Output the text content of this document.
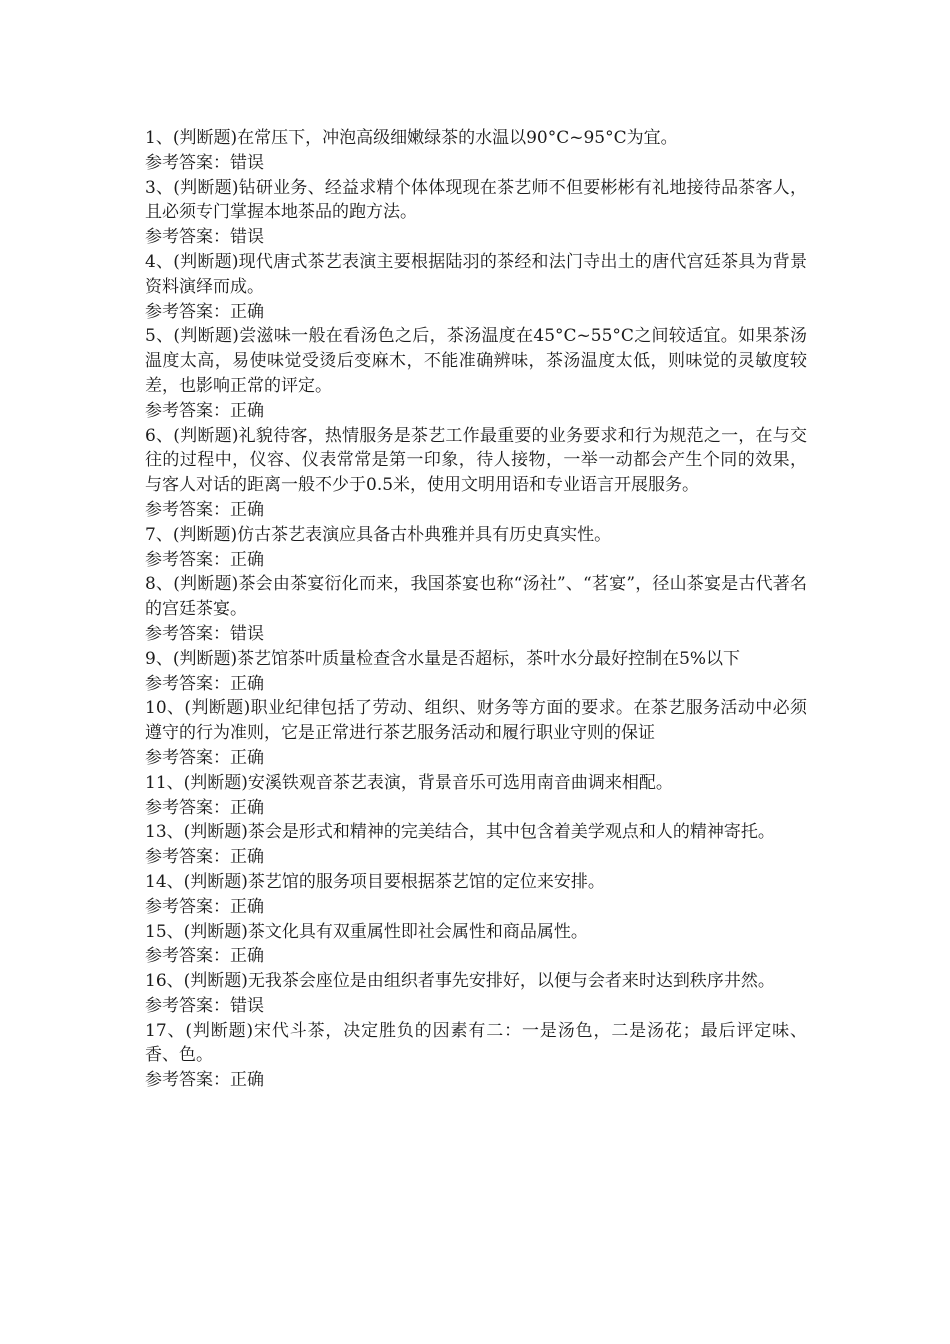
1、(判断题)在常压下，冲泡高级细嫩绿茶的水温以90°C~95°C为宜。

参考答案：错误

3、(判断题)钻研业务、经益求精个体体现现在茶艺师不但要彬彬有礼地接待品茶客人，且必须专门掌握本地茶品的跑方法。

参考答案：错误

4、(判断题)现代唐式茶艺表演主要根据陆羽的茶经和法门寺出土的唐代宫廷茶具为背景资料演绎而成。

参考答案：正确

5、(判断题)尝滋味一般在看汤色之后，茶汤温度在45°C~55°C之间较适宜。如果茶汤温度太高，易使味觉受烫后变麻木，不能准确辨味，茶汤温度太低，则味觉的灵敏度较差，也影响正常的评定。

参考答案：正确

6、(判断题)礼貌待客，热情服务是茶艺工作最重要的业务要求和行为规范之一，在与交往的过程中，仪容、仪表常常是第一印象，待人接物，一举一动都会产生个同的效果，与客人对话的距离一般不少于0.5米，使用文明用语和专业语言开展服务。

参考答案：正确

7、(判断题)仿古茶艺表演应具备古朴典雅并具有历史真实性。

参考答案：正确

8、(判断题)茶会由茶宴衍化而来，我国茶宴也称“汤社”、“茗宴”，径山茶宴是古代著名的宫廷茶宴。

参考答案：错误

9、(判断题)茶艺馆茶叶质量检查含水量是否超标，茶叶水分最好控制在5%以下

参考答案：正确

10、(判断题)职业纪律包括了劳动、组织、财务等方面的要求。在茶艺服务活动中必须遵守的行为准则，它是正常进行茶艺服务活动和履行职业守则的保证

参考答案：正确

11、(判断题)安溪铁观音茶艺表演，背景音乐可选用南音曲调来相配。

参考答案：正确

13、(判断题)茶会是形式和精神的完美结合，其中包含着美学观点和人的精神寄托。

参考答案：正确

14、(判断题)茶艺馆的服务项目要根据茶艺馆的定位来安排。

参考答案：正确

15、(判断题)茶文化具有双重属性即社会属性和商品属性。

参考答案：正确

16、(判断题)无我茶会座位是由组织者事先安排好，以便与会者来时达到秩序井然。

参考答案：错误

17、(判断题)宋代斗茶，决定胜负的因素有二：一是汤色，二是汤花；最后评定味、香、色。

参考答案：正确
